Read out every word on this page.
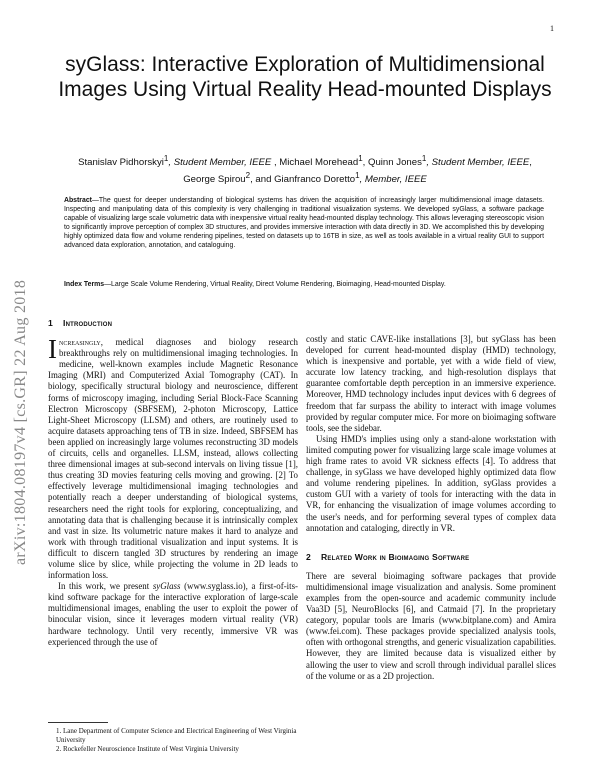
1
arXiv:1804.08197v4 [cs.GR] 22 Aug 2018
syGlass: Interactive Exploration of Multidimensional Images Using Virtual Reality Head-mounted Displays
Stanislav Pidhorskyi$^1$, Student Member, IEEE , Michael Morehead$^1$, Quinn Jones$^1$, Student Member, IEEE, George Spirou$^2$, and Gianfranco Doretto$^1$, Member, IEEE
Abstract—The quest for deeper understanding of biological systems has driven the acquisition of increasingly larger multidimensional image datasets. Inspecting and manipulating data of this complexity is very challenging in traditional visualization systems. We developed syGlass, a software package capable of visualizing large scale volumetric data with inexpensive virtual reality head-mounted display technology. This allows leveraging stereoscopic vision to significantly improve perception of complex 3D structures, and provides immersive interaction with data directly in 3D. We accomplished this by developing highly optimized data flow and volume rendering pipelines, tested on datasets up to 16TB in size, as well as tools available in a virtual reality GUI to support advanced data exploration, annotation, and cataloguing.
Index Terms—Large Scale Volume Rendering, Virtual Reality, Direct Volume Rendering, Bioimaging, Head-mounted Display.
1 Introduction

Increasingly, medical diagnoses and biology research breakthroughs rely on multidimensional imaging technologies. In medicine, well-known examples include Magnetic Resonance Imaging (MRI) and Computerized Axial Tomography (CAT). In biology, specifically structural biology and neuroscience, different forms of microscopy imaging, including Serial Block-Face Scanning Electron Microscopy (SBFSEM), 2-photon Microscopy, Lattice Light-Sheet Microscopy (LLSM) and others, are routinely used to acquire datasets approaching tens of TB in size. Indeed, SBFSEM has been applied on increasingly large volumes reconstructing 3D models of circuits, cells and organelles. LLSM, instead, allows collecting three dimensional images at sub-second intervals on living tissue [1], thus creating 3D movies featuring cells moving and growing. [2] To effectively leverage multidimensional imaging technologies and potentially reach a deeper understanding of biological systems, researchers need the right tools for exploring, conceptualizing, and annotating data that is challenging because it is intrinsically complex and vast in size. Its volumetric nature makes it hard to analyze and work with through traditional visualization and input systems. It is difficult to discern tangled 3D structures by rendering an image volume slice by slice, while projecting the volume in 2D leads to information loss.

In this work, we present syGlass (www.syglass.io), a first-of-its-kind software package for the interactive exploration of large-scale multidimensional images, enabling the user to exploit the power of binocular vision, since it leverages modern virtual reality (VR) hardware technology. Until very recently, immersive VR was experienced through the use of

costly and static CAVE-like installations [3], but syGlass has been developed for current head-mounted display (HMD) technology, which is inexpensive and portable, yet with a wide field of view, accurate low latency tracking, and high-resolution displays that guarantee comfortable depth perception in an immersive experience. Moreover, HMD technology includes input devices with 6 degrees of freedom that far surpass the ability to interact with image volumes provided by regular computer mice. For more on bioimaging software tools, see the sidebar.

Using HMD's implies using only a stand-alone workstation with limited computing power for visualizing large scale image volumes at high frame rates to avoid VR sickness effects [4]. To address that challenge, in syGlass we have developed highly optimized data flow and volume rendering pipelines. In addition, syGlass provides a custom GUI with a variety of tools for interacting with the data in VR, for enhancing the visualization of image volumes according to the user's needs, and for performing several types of complex data annotation and cataloging, directly in VR.

2 Related Work in Bioimaging Software

There are several bioimaging software packages that provide multidimensional image visualization and analysis. Some prominent examples from the open-source and academic community include Vaa3D [5], NeuroBlocks [6], and Catmaid [7]. In the proprietary category, popular tools are Imaris (www.bitplane.com) and Amira (www.fei.com). These packages provide specialized analysis tools, often with orthogonal strengths, and generic visualization capabilities. However, they are limited because data is visualized either by allowing the user to view and scroll through individual parallel slices of the volume or as a 2D projection.

1. Lane Department of Computer Science and Electrical Engineering of West Virginia University
2. Rockefeller Neuroscience Institute of West Virginia University
